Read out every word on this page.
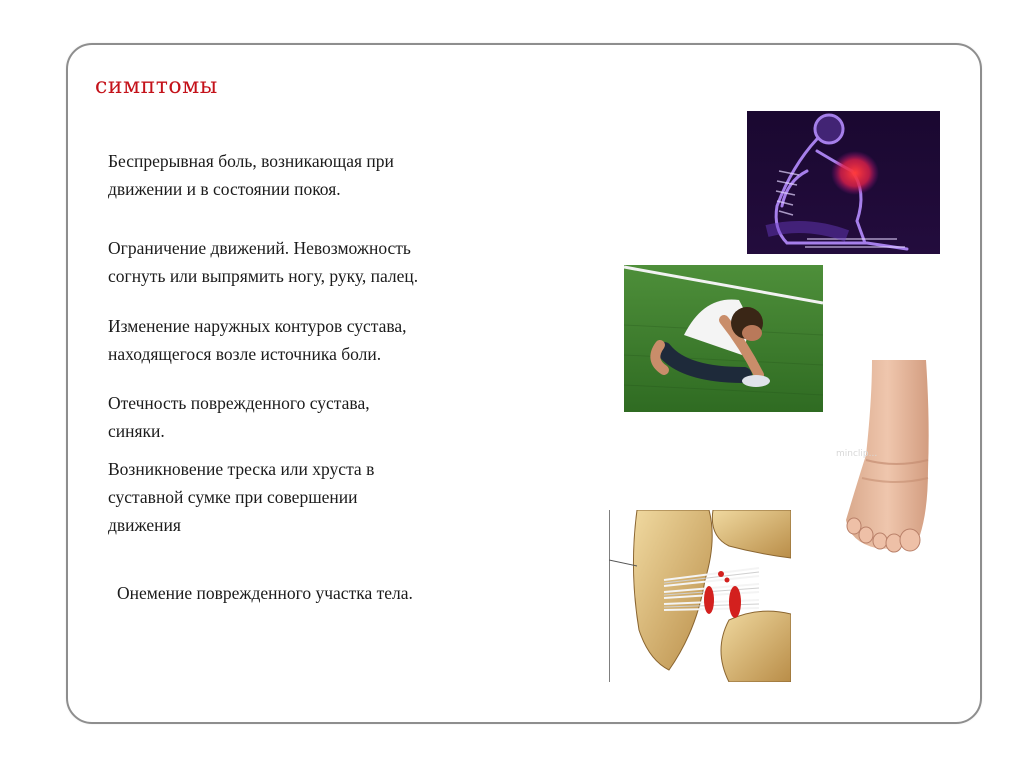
симптомы
Беспрерывная боль, возникающая при
движении и в состоянии покоя.
Ограничение движений. Невозможность
согнуть или выпрямить ногу, руку, палец.
Изменение наружных контуров сустава,
находящегося возле источника боли.
Отечность поврежденного сустава,
синяки.
Возникновение треска или хруста в
суставной сумке при совершении
движения
Онемение поврежденного участка тела.
minclip...
